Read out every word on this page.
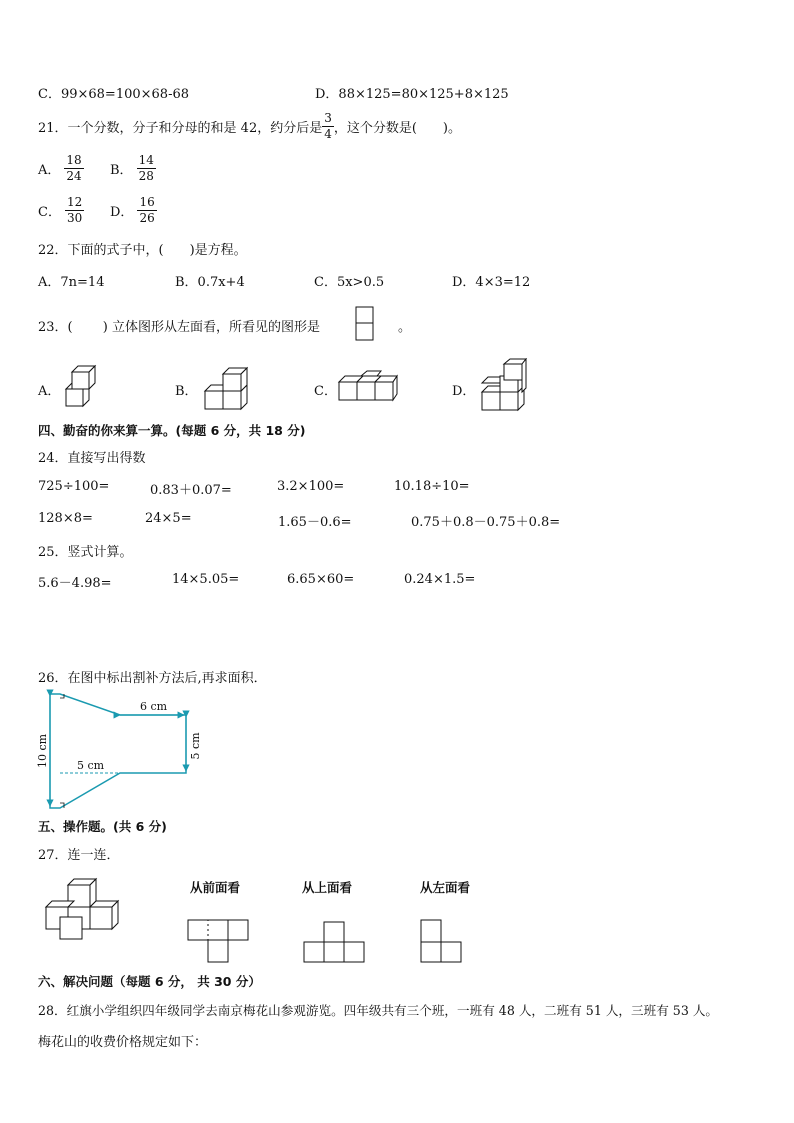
C．99×68=100×68-68	D．88×125=80×125+8×125
21．一个分数，分子和分母的和是 42，约分后是 $\frac{3}{4}$ ，这个分数是(　　)。
A． $\frac{18}{24}$ B． $\frac{14}{28}$
C． $\frac{12}{30}$ D． $\frac{16}{26}$
22．下面的式子中，(　　)是方程。
A．7n=14	B．0.7x+4	C．5x>0.5	D．4×3=12
23．(　　 ) 立体图形从左面看，所看见的图形是	。
A．	B．	C．	D．
四、勤奋的你来算一算。(每题 6 分，共 18 分)
24．直接写出得数
725÷100=	0.83＋0.07=	3.2×100=	10.18÷10=
128×8=	24×5=	1.65－0.6=	0.75＋0.8－0.75＋0.8=
25．竖式计算。
5.6－4.98=	14×5.05=	6.65×60=	0.24×1.5=
26．在图中标出割补方法后,再求面积．
6 cm
10 cm	5 cm
5 cm
五、操作题。(共 6 分)
27．连一连．
从前面看	从上面看	从左面看
六、解决问题（每题 6 分， 共 30 分）
28．红旗小学组织四年级同学去南京梅花山参观游览。四年级共有三个班，一班有 48 人，二班有 51 人，三班有 53 人。
梅花山的收费价格规定如下：
